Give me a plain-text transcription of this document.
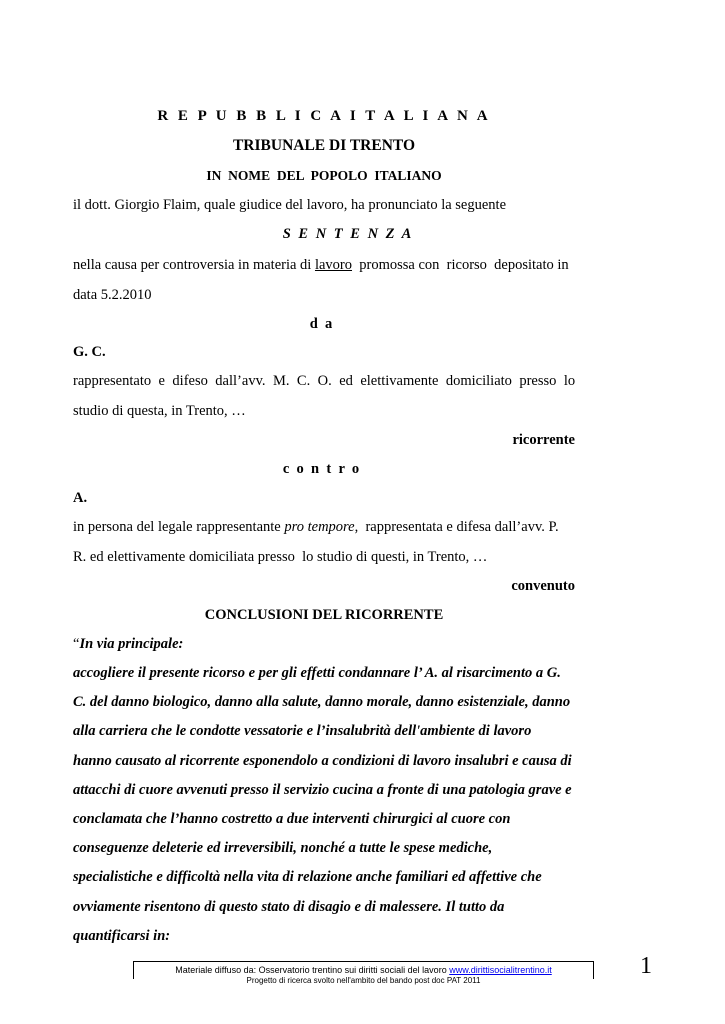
R E P U B B L I C A I T A L I A N A
TRIBUNALE DI TRENTO
IN  NOME  DEL  POPOLO  ITALIANO
il dott. Giorgio Flaim, quale giudice del lavoro, ha pronunciato la seguente
S E N T E N Z A
nella causa per controversia in materia di lavoro  promossa con  ricorso  depositato in
data 5.2.2010
d  a
G. C.
rappresentato e difeso dall’avv. M. C. O. ed elettivamente domiciliato presso lo
studio di questa, in Trento, …
ricorrente
c  o  n  t  r  o
A.
in persona del legale rappresentante pro tempore,  rappresentata e difesa dall’avv. P.
R. ed elettivamente domiciliata presso  lo studio di questi, in Trento, …
convenuto
CONCLUSIONI DEL RICORRENTE
“In via principale:
accogliere il presente ricorso e per gli effetti condannare l’ A. al risarcimento a G.
C. del danno biologico, danno alla salute, danno morale, danno esistenziale, danno
alla carriera che le condotte vessatorie e l’insalubrità dell'ambiente di lavoro
hanno causato al ricorrente esponendolo a condizioni di lavoro insalubri e causa di
attacchi di cuore avvenuti presso il servizio cucina a fronte di una patologia grave e
conclamata che l’hanno costretto a due interventi chirurgici al cuore con
conseguenze deleterie ed irreversibili, nonché a tutte le spese mediche,
specialistiche e difficoltà nella vita di relazione anche familiari ed affettive che
ovviamente risentono di questo stato di disagio e di malessere. Il tutto da
quantificarsi in:
Materiale diffuso da: Osservatorio trentino sui diritti sociali del lavoro www.dirittisocialitrentino.it
Progetto di ricerca svolto nell'ambito del bando post doc PAT 2011
1
